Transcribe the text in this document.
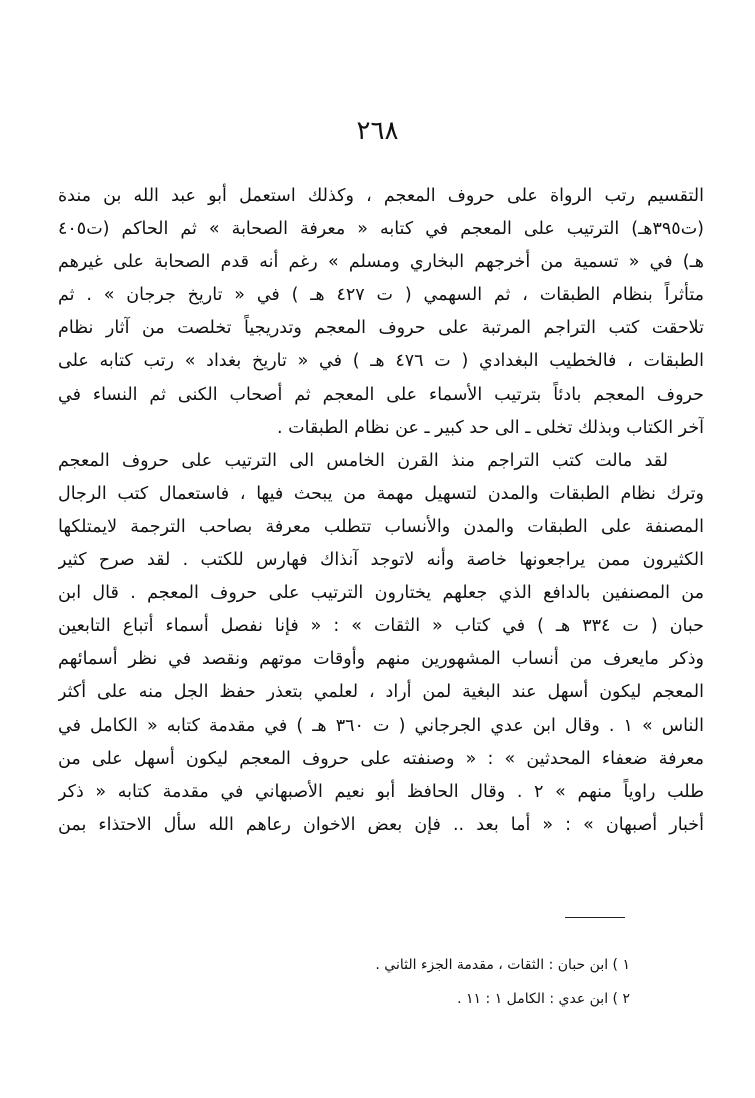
٢٦٨
التقسيم رتب الرواة على حروف المعجم ، وكذلك استعمل أبو عبد الله بن مندة
(ت٣٩٥هـ) الترتيب على المعجم في كتابه « معرفة الصحابة » ثم الحاكم (ت٤٠٥
هـ) في « تسمية من أخرجهم البخاري ومسلم » رغم أنه قدم الصحابة على غيرهم
متأثراً بنظام الطبقات ، ثم السهمي ( ت ٤٢٧ هـ ) في « تاريخ جرجان » . ثم
تلاحقت كتب التراجم المرتبة على حروف المعجم وتدريجياً تخلصت من آثار نظام
الطبقات ، فالخطيب البغدادي ( ت ٤٧٦ هـ ) في « تاريخ بغداد » رتب كتابه على
حروف المعجم بادئاً بترتيب الأسماء على المعجم ثم أصحاب الكنى ثم النساء في
آخر الكتاب وبذلك تخلى ـ الى حد كبير ـ عن نظام الطبقات .
لقد مالت كتب التراجم منذ القرن الخامس الى الترتيب على حروف المعجم
وترك نظام الطبقات والمدن لتسهيل مهمة من يبحث فيها ، فاستعمال كتب الرجال
المصنفة على الطبقات والمدن والأنساب تتطلب معرفة بصاحب الترجمة لايمتلكها
الكثيرون ممن يراجعونها خاصة وأنه لاتوجد آنذاك فهارس للكتب . لقد صرح كثير
من المصنفين بالدافع الذي جعلهم يختارون الترتيب على حروف المعجم . قال ابن
حبان ( ت ٣٣٤ هـ ) في كتاب « الثقات » : « فإنا نفصل أسماء أتباع التابعين
وذكر مايعرف من أنساب المشهورين منهم وأوقات موتهم ونقصد في نظر أسمائهم
المعجم ليكون أسهل عند البغية لمن أراد ، لعلمي بتعذر حفظ الجل منه على أكثر
الناس » ١ . وقال ابن عدي الجرجاني ( ت ٣٦٠ هـ ) في مقدمة كتابه « الكامل في
معرفة ضعفاء المحدثين » : « وصنفته على حروف المعجم ليكون أسهل على من
طلب راوياً منهم » ٢ . وقال الحافظ أبو نعيم الأصبهاني في مقدمة كتابه « ذكر
أخبار أصبهان » : « أما بعد .. فإن بعض الاخوان رعاهم الله سأل الاحتذاء بمن
١ ) ابن حبان : الثقات ، مقدمة الجزء الثاني .
٢ ) ابن عدي : الكامل ١ : ١١ .
